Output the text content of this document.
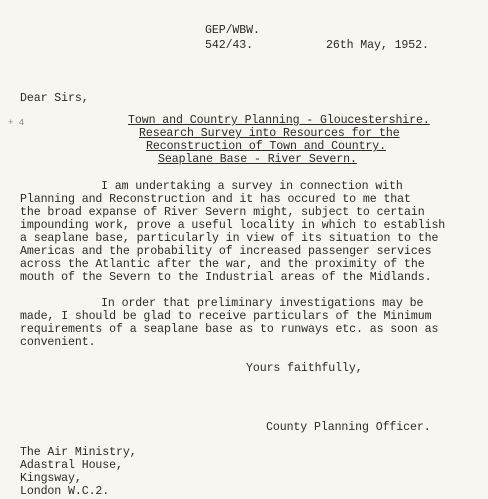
GEP/WBW.
542/43.	26th May, 1952.
Dear Sirs,
+ 4	Town and Country Planning - Gloucestershire.
Research Survey into Resources for the
Reconstruction of Town and Country.
Seaplane Base - River Severn.
I am undertaking a survey in connection with
Planning and Reconstruction and it has occured to me that
the broad expanse of River Severn might, subject to certain
impounding work, prove a useful locality in which to establish
a seaplane base, particularly in view of its situation to the
Americas and the probability of increased passenger services
across the Atlantic after the war, and the proximity of the
mouth of the Severn to the Industrial areas of the Midlands.
In order that preliminary investigations may be
made, I should be glad to receive particulars of the Minimum
requirements of a seaplane base as to runways etc. as soon as
convenient.
Yours faithfully,
County Planning Officer.
The Air Ministry,
Adastral House,
Kingsway,
London W.C.2.
